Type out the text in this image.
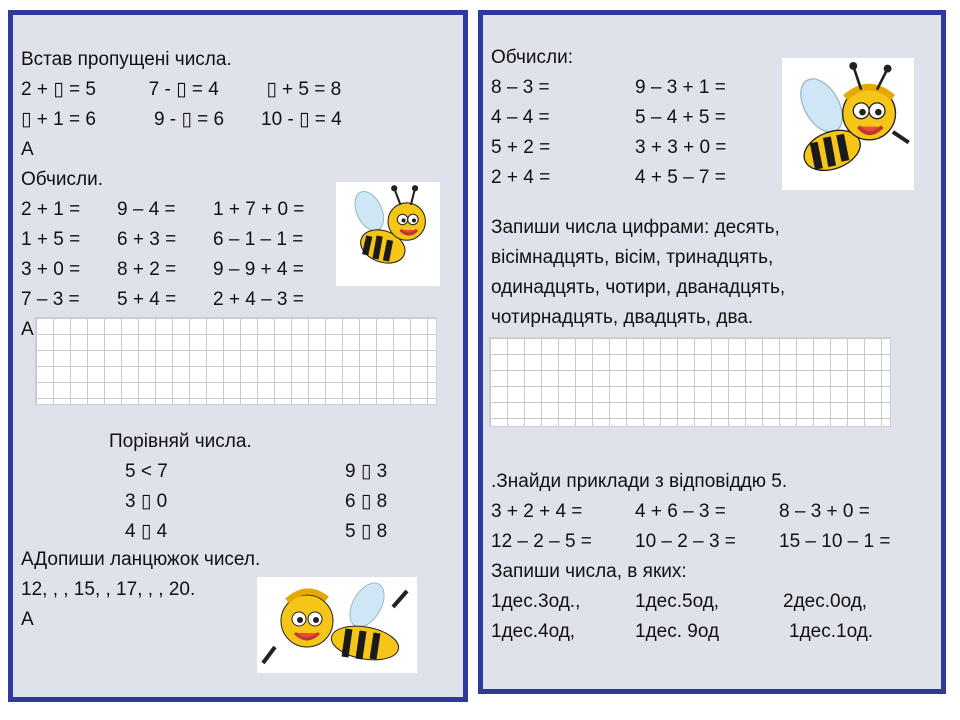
Встав пропущені числа.

2 + ▯ = 5          7 - ▯ = 4         ▯ + 5 = 8

▯ + 1 = 6           9 - ▯ = 6       10 - ▯ = 4

А

Обчисли.

2 + 1 = 9 – 4 = 1 + 7 + 0 =
1 + 5 = 6 + 3 = 6 – 1 – 1 =
3 + 0 = 8 + 2 = 9 – 9 + 4 =
7 – 3 = 5 + 4 = 2 + 4 – 3 =

А

Порівняй числа.

5 < 7	9 ▯ 3
3 ▯ 0	6 ▯ 8
4 ▯ 4	5 ▯ 8

АДопиши ланцюжок чисел.

12, , , 15, , 17, , , 20.

А

Обчисли:

8 – 3 =	9 – 3 + 1 =
4 – 4 =	5 – 4 + 5 =
5 + 2 =	3 + 3 + 0 =
2 + 4 =	4 + 5 – 7 =

Запиши числа цифрами: десять,

вісімнадцять, вісім, тринадцять,

одинадцять, чотири, дванадцять,

чотирнадцять, двадцять, два.

.Знайди приклади з відповіддю 5.

3 + 2 + 4 =	4 + 6 – 3 =	8 – 3 + 0 =
12 – 2 – 5 = 10 – 2 – 3 = 15 – 10 – 1 =

Запиши числа, в яких:

1дес.3од.,	1дес.5од,	2дес.0од,
1дес.4од,	1дес. 9од	1дес.1од.
